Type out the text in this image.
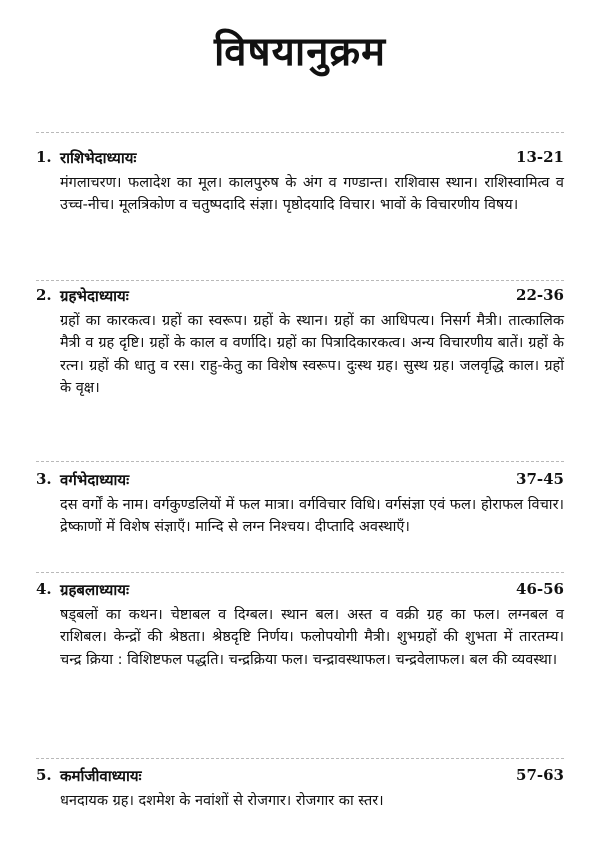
विषयानुक्रम
1. राशिभेदाध्यायः	13-21
मंगलाचरण। फलादेश का मूल। कालपुरुष के अंग व गण्डान्त। राशिवास स्थान। राशिस्वामित्व व उच्च-नीच। मूलत्रिकोण व चतुष्पदादि संज्ञा। पृष्ठोदयादि विचार। भावों के विचारणीय विषय।
2. ग्रहभेदाध्यायः	22-36
ग्रहों का कारकत्व। ग्रहों का स्वरूप। ग्रहों के स्थान। ग्रहों का आधिपत्य। निसर्ग मैत्री। तात्कालिक मैत्री व ग्रह दृष्टि। ग्रहों के काल व वर्णादि। ग्रहों का पित्रादिकारकत्व। अन्य विचारणीय बातें। ग्रहों के रत्न। ग्रहों की धातु व रस। राहु-केतु का विशेष स्वरूप। दुःस्थ ग्रह। सुस्थ ग्रह। जलवृद्धि काल। ग्रहों के वृक्ष।
3. वर्गभेदाध्यायः	37-45
दस वर्गों के नाम। वर्गकुण्डलियों में फल मात्रा। वर्गविचार विधि। वर्गसंज्ञा एवं फल। होराफल विचार। द्रेष्काणों में विशेष संज्ञाएँ। मान्दि से लग्न निश्चय। दीप्तादि अवस्थाएँ।
4. ग्रहबलाध्यायः	46-56
षड्बलों का कथन। चेष्टाबल व दिग्बल। स्थान बल। अस्त व वक्री ग्रह का फल। लग्नबल व राशिबल। केन्द्रों की श्रेष्ठता। श्रेष्ठदृष्टि निर्णय। फलोपयोगी मैत्री। शुभग्रहों की शुभता में तारतम्य। चन्द्र क्रिया : विशिष्टफल पद्धति। चन्द्रक्रिया फल। चन्द्रावस्थाफल। चन्द्रवेलाफल। बल की व्यवस्था।
5. कर्माजीवाध्यायः	57-63
धनदायक ग्रह। दशमेश के नवांशों से रोजगार। रोजगार का स्तर।
